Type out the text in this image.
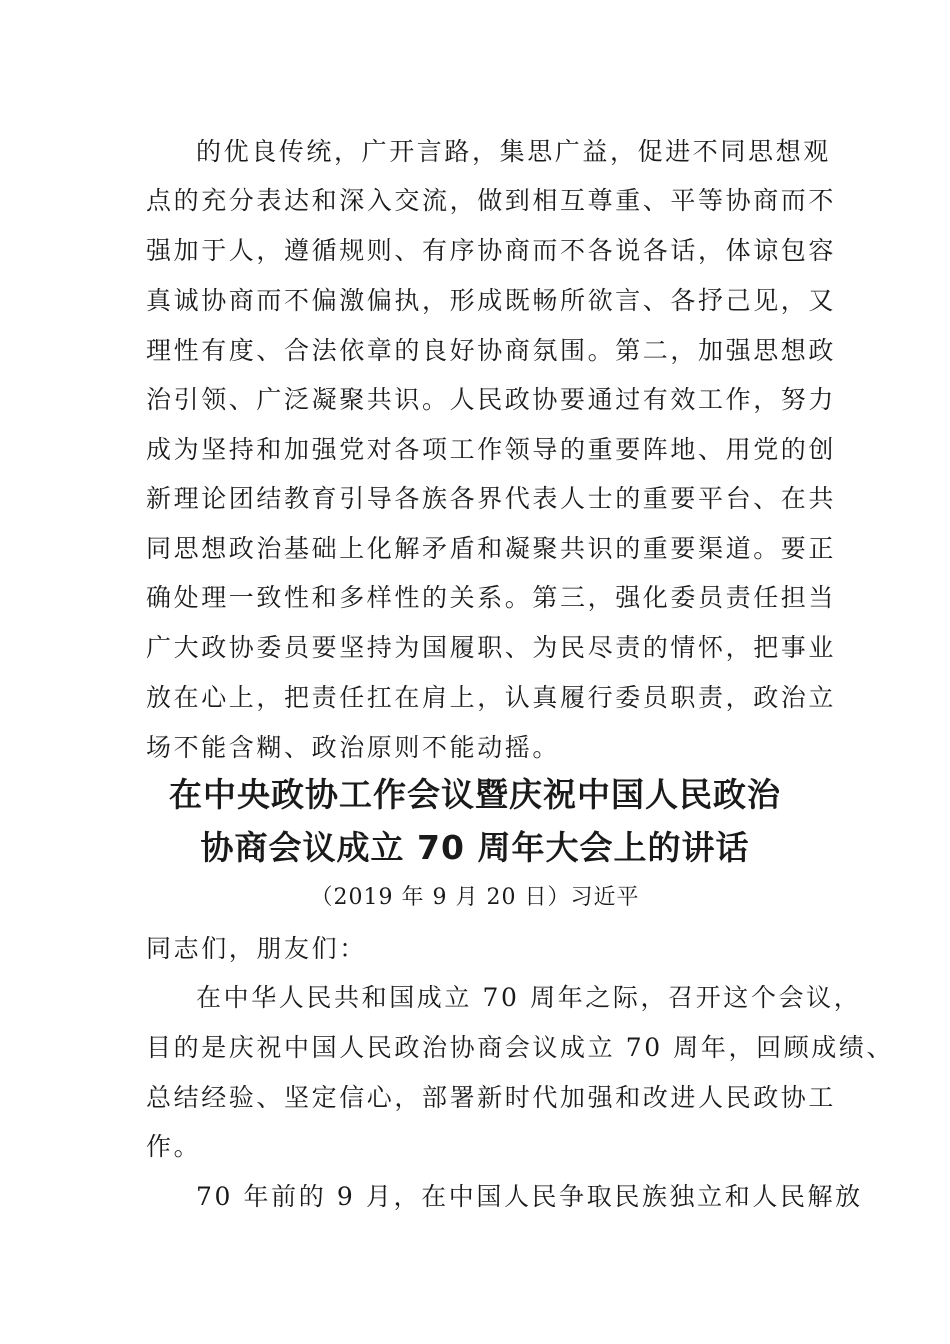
的优良传统，广开言路，集思广益，促进不同思想观
点的充分表达和深入交流，做到相互尊重、平等协商而不
强加于人，遵循规则、有序协商而不各说各话，体谅包容
真诚协商而不偏激偏执，形成既畅所欲言、各抒己见，又
理性有度、合法依章的良好协商氛围。第二，加强思想政
治引领、广泛凝聚共识。人民政协要通过有效工作，努力
成为坚持和加强党对各项工作领导的重要阵地、用党的创
新理论团结教育引导各族各界代表人士的重要平台、在共
同思想政治基础上化解矛盾和凝聚共识的重要渠道。要正
确处理一致性和多样性的关系。第三，强化委员责任担当
广大政协委员要坚持为国履职、为民尽责的情怀，把事业
放在心上，把责任扛在肩上，认真履行委员职责，政治立
场不能含糊、政治原则不能动摇。
在中央政协工作会议暨庆祝中国人民政治
协商会议成立 70 周年大会上的讲话
（2019 年 9 月 20 日）习近平
同志们，朋友们：
在中华人民共和国成立 70 周年之际，召开这个会议，
目的是庆祝中国人民政治协商会议成立 70 周年，回顾成绩、
总结经验、坚定信心，部署新时代加强和改进人民政协工
作。
70 年前的 9 月，在中国人民争取民族独立和人民解放
